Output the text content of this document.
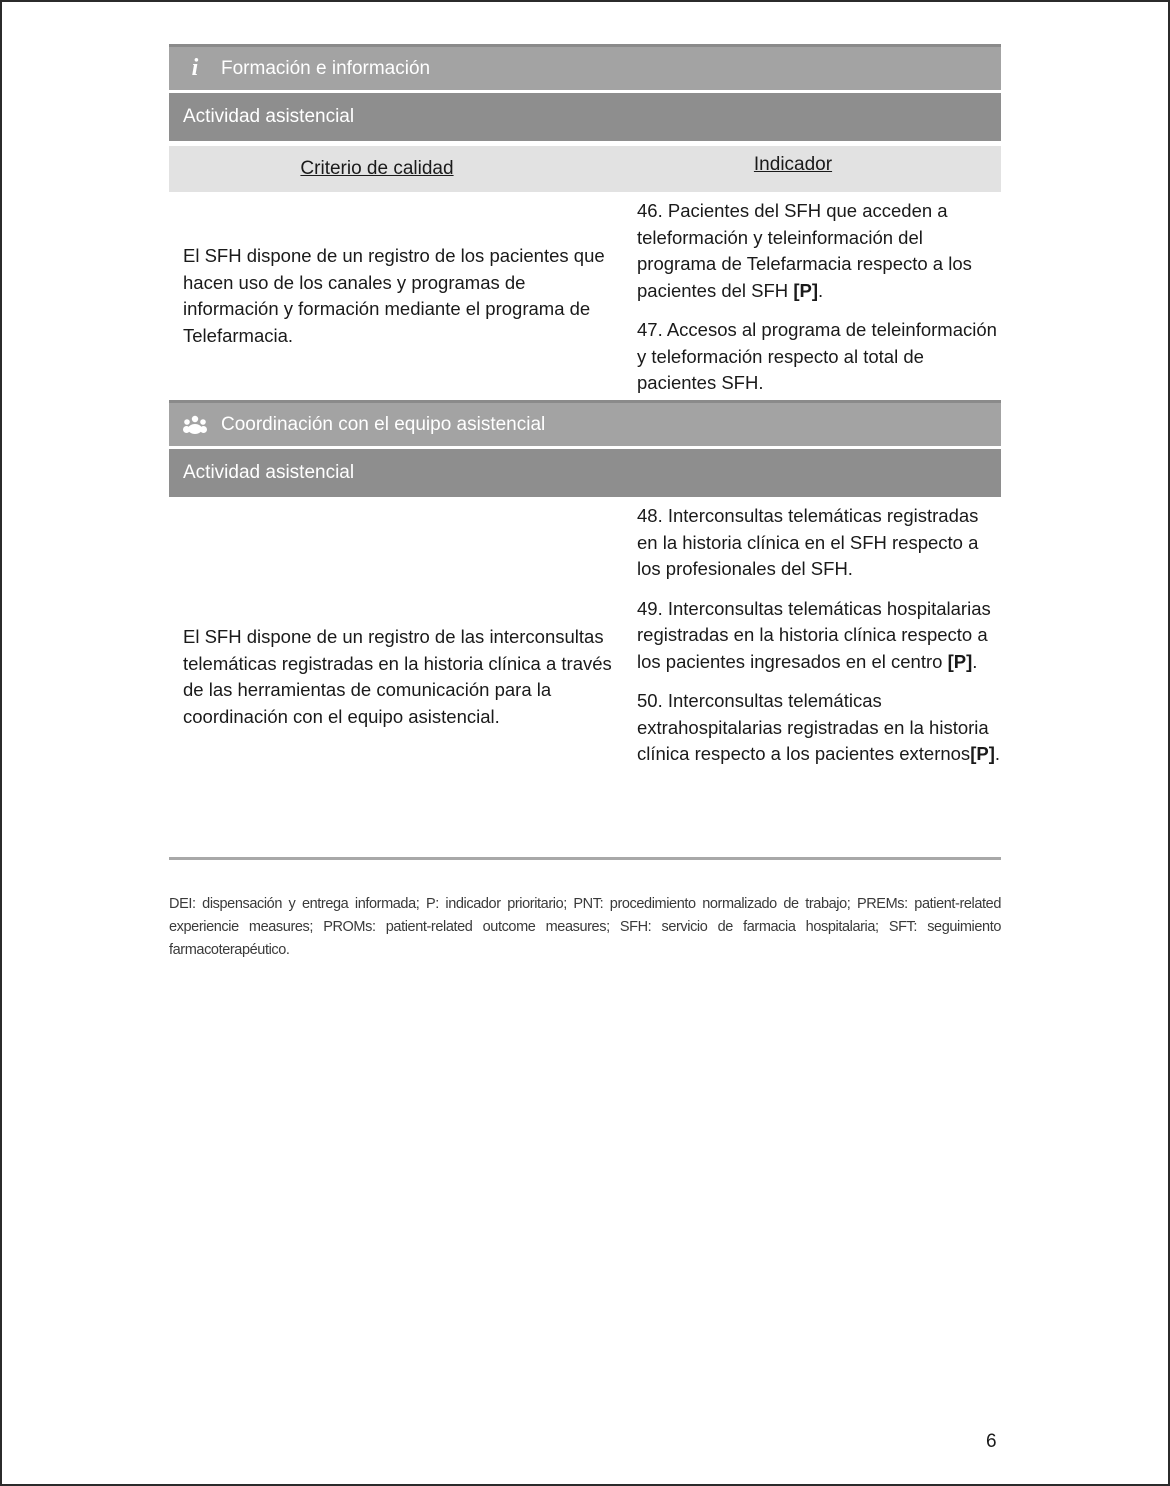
i Formación e información
Actividad asistencial
Criterio de calidad	Indicador
El SFH dispone de un registro de los pacientes que hacen uso de los canales y programas de información y formación mediante el programa de Telefarmacia.

46. Pacientes del SFH que acceden a teleformación y teleinformación del programa de Telefarmacia respecto a los pacientes del SFH [P].

47. Accesos al programa de teleinformación y teleformación respecto al total de pacientes SFH.

Coordinación con el equipo asistencial
Actividad asistencial
El SFH dispone de un registro de las interconsultas telemáticas registradas en la historia clínica a través de las herramientas de comunicación para la coordinación con el equipo asistencial.

48. Interconsultas telemáticas registradas en la historia clínica en el SFH respecto a los profesionales del SFH.

49. Interconsultas telemáticas hospitalarias registradas en la historia clínica respecto a los pacientes ingresados en el centro [P].

50. Interconsultas telemáticas extrahospitalarias registradas en la historia clínica respecto a los pacientes externos[P].

DEI: dispensación y entrega informada; P: indicador prioritario; PNT: procedimiento normalizado de trabajo; PREMs: patient-related experiencie measures; PROMs: patient-related outcome measures; SFH: servicio de farmacia hospitalaria; SFT: seguimiento farmacoterapéutico.
6
